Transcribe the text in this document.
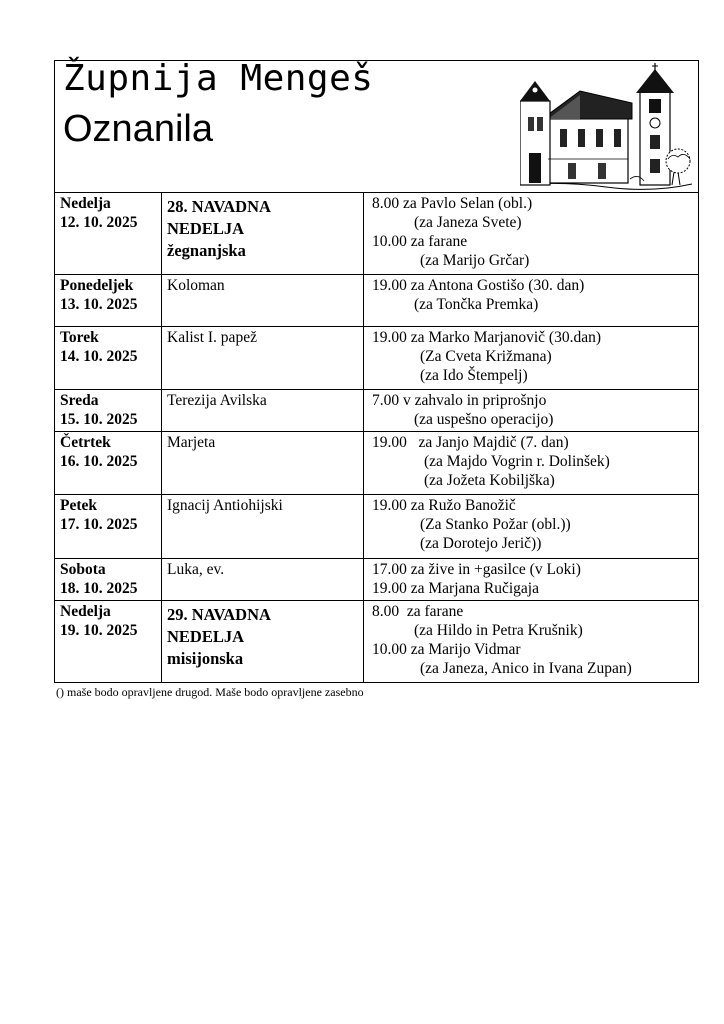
Župnija Mengeš
Oznanila
Nedelja
12. 10. 2025	28. NAVADNA
NEDELJA
žegnanjska	8.00 za Pavlo Selan (obl.)
(za Janeza Svete)
10.00 za farane
(za Marijo Grčar)

Ponedeljek
13. 10. 2025	Koloman	19.00 za Antona Gostišo (30. dan)
(za Tončka Premka)

Torek
14. 10. 2025	Kalist I. papež	19.00 za Marko Marjanovič (30.dan)
(Za Cveta Križmana)
(za Ido Štempelj)

Sreda
15. 10. 2025	Terezija Avilska	7.00 v zahvalo in priprošnjo
(za uspešno operacijo)

Četrtek
16. 10. 2025	Marjeta	19.00   za Janjo Majdič (7. dan)
(za Majdo Vogrin r. Dolinšek)
(za Jožeta Kobiljška)

Petek
17. 10. 2025	Ignacij Antiohijski	19.00 za Ružo Banožič
(Za Stanko Požar (obl.))
(za Dorotejo Jerič))

Sobota
18. 10. 2025	Luka, ev.	17.00 za žive in +gasilce (v Loki)
19.00 za Marjana Ručigaja

Nedelja
19. 10. 2025	29. NAVADNA
NEDELJA
misijonska	8.00  za farane
(za Hildo in Petra Krušnik)
10.00 za Marijo Vidmar
(za Janeza, Anico in Ivana Zupan)
() maše bodo opravljene drugod. Maše bodo opravljene zasebno
